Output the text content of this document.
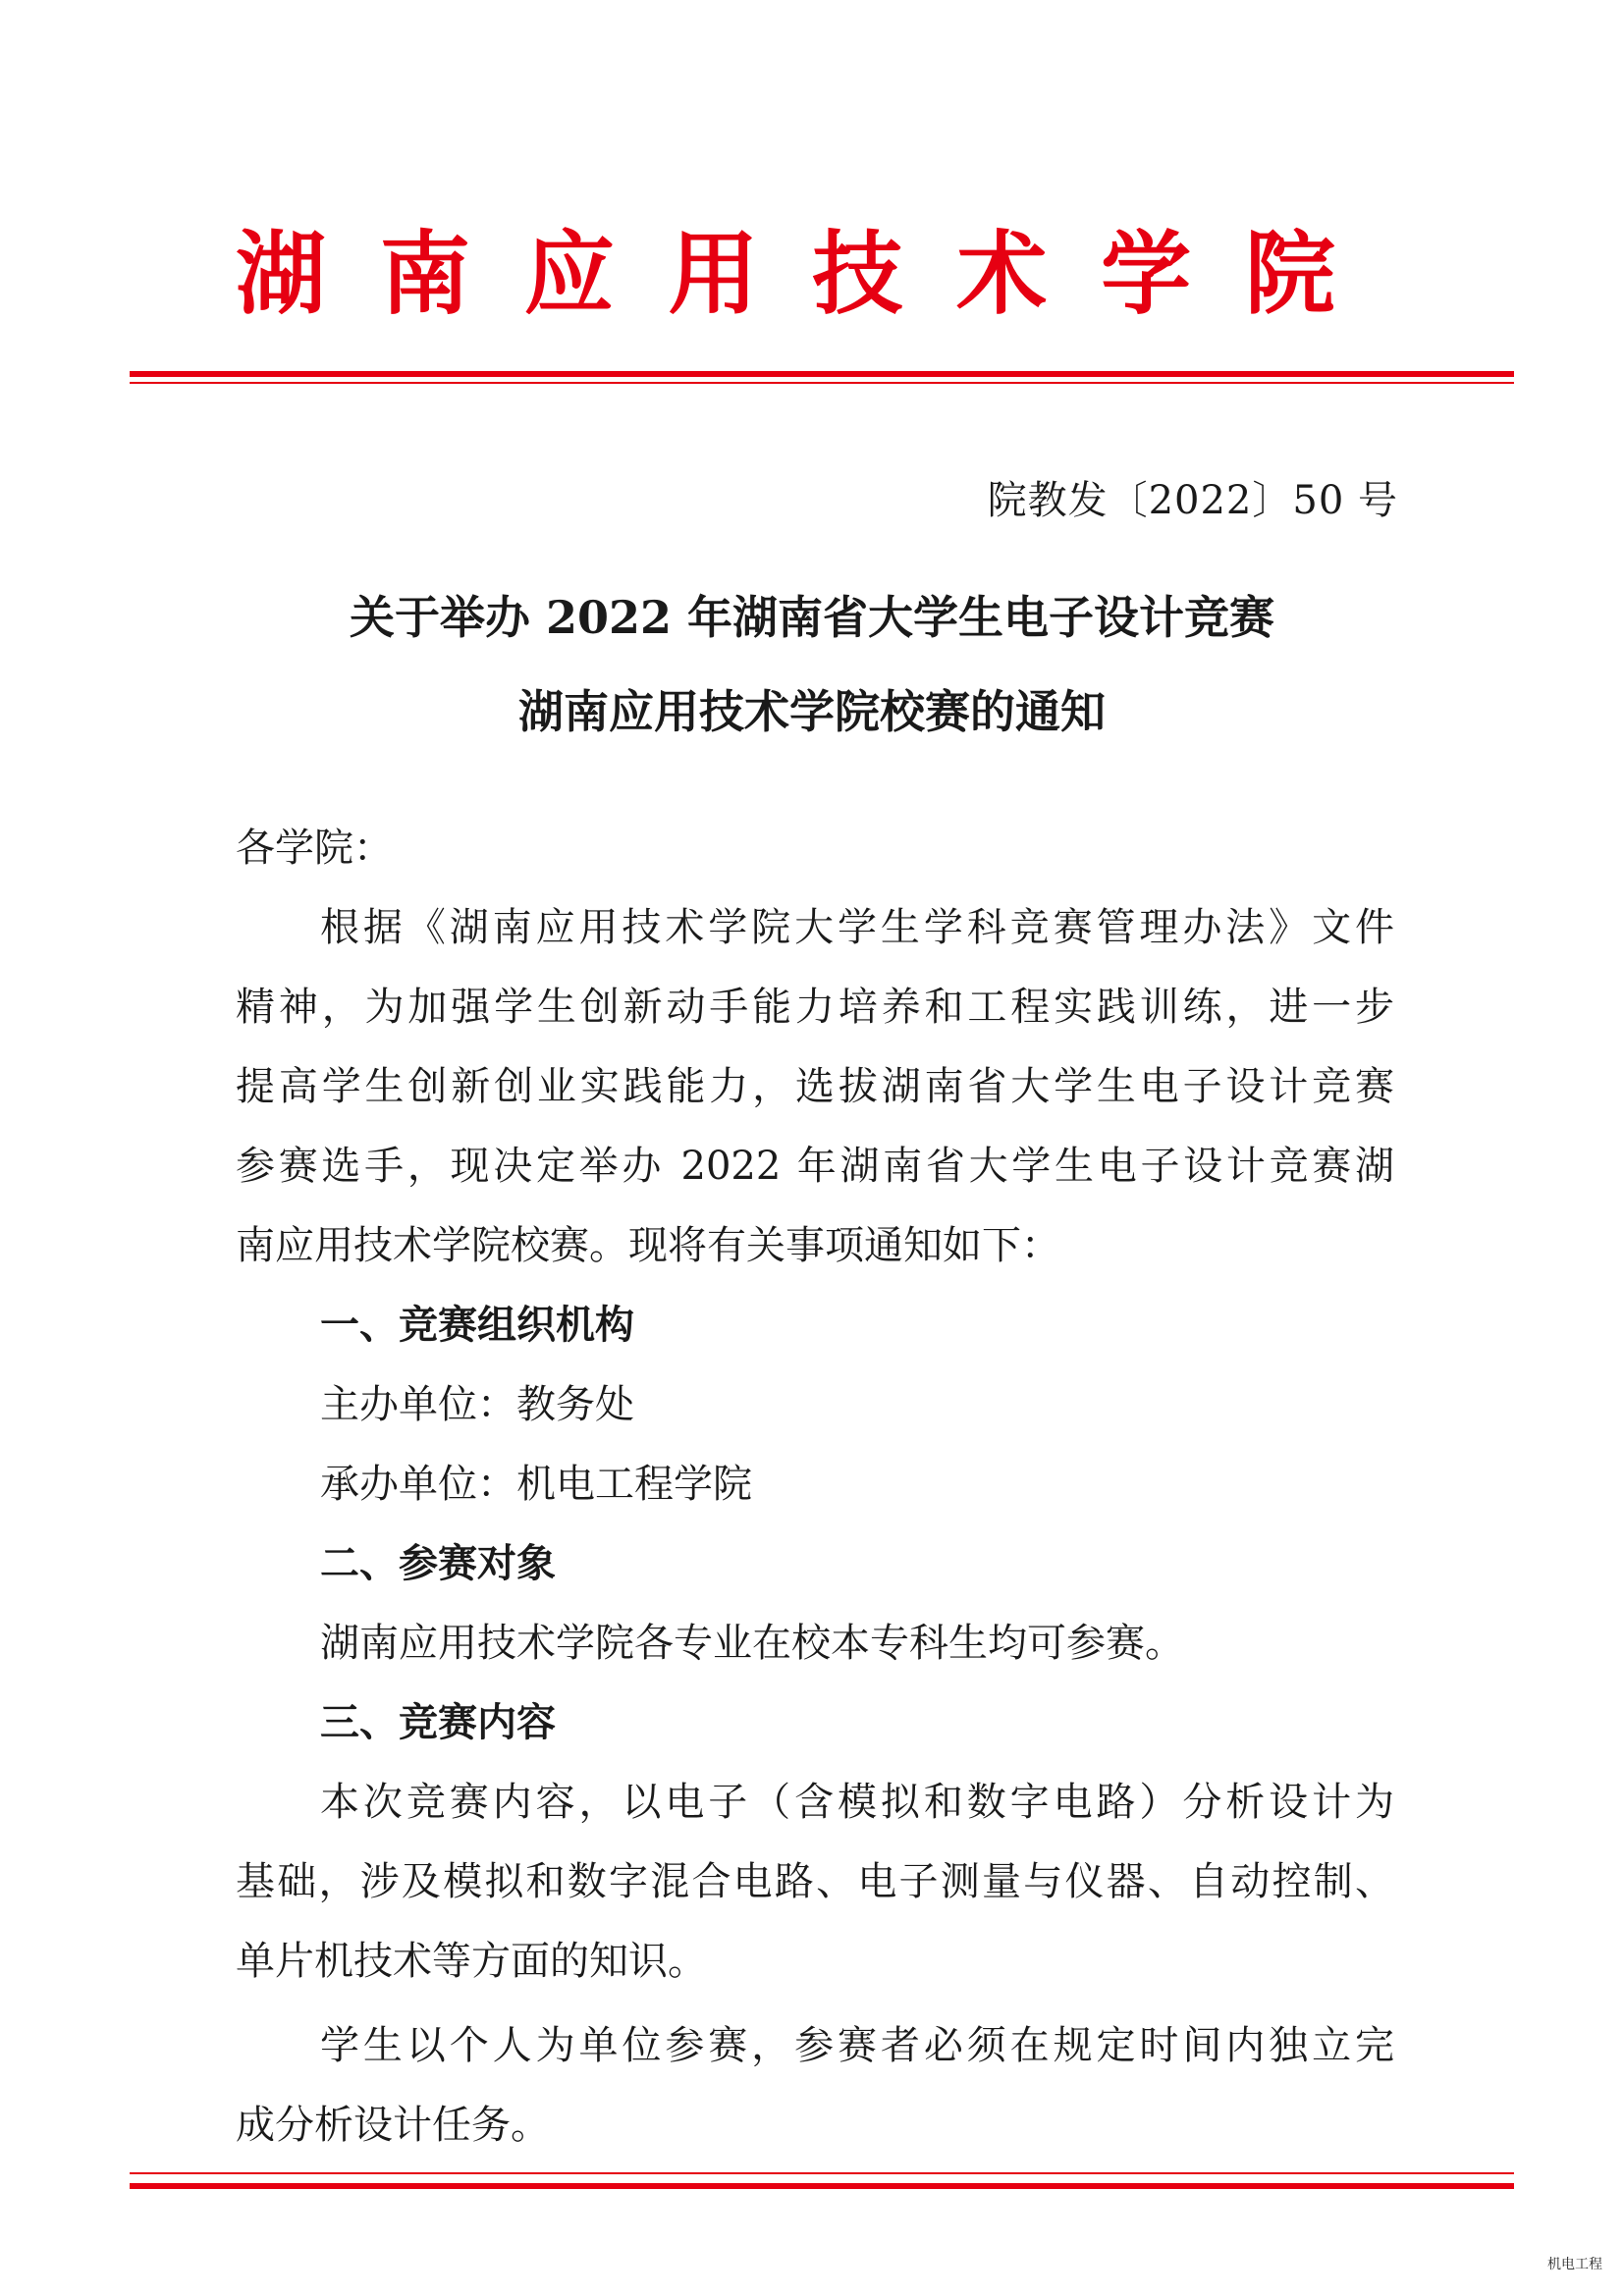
湖 南 应 用 技 术 学 院
院教发〔2022〕50 号
关于举办 2022 年湖南省大学生电子设计竞赛
湖南应用技术学院校赛的通知
各学院：
根据《湖南应用技术学院大学生学科竞赛管理办法》文件
精神，为加强学生创新动手能力培养和工程实践训练，进一步
提高学生创新创业实践能力，选拔湖南省大学生电子设计竞赛
参赛选手，现决定举办 2022 年湖南省大学生电子设计竞赛湖
南应用技术学院校赛。现将有关事项通知如下：
一、竞赛组织机构
主办单位：教务处
承办单位：机电工程学院
二、参赛对象
湖南应用技术学院各专业在校本专科生均可参赛。
三、竞赛内容
本次竞赛内容，以电子（含模拟和数字电路）分析设计为
基础，涉及模拟和数字混合电路、电子测量与仪器、自动控制、
单片机技术等方面的知识。
学生以个人为单位参赛，参赛者必须在规定时间内独立完
成分析设计任务。
机电工程
